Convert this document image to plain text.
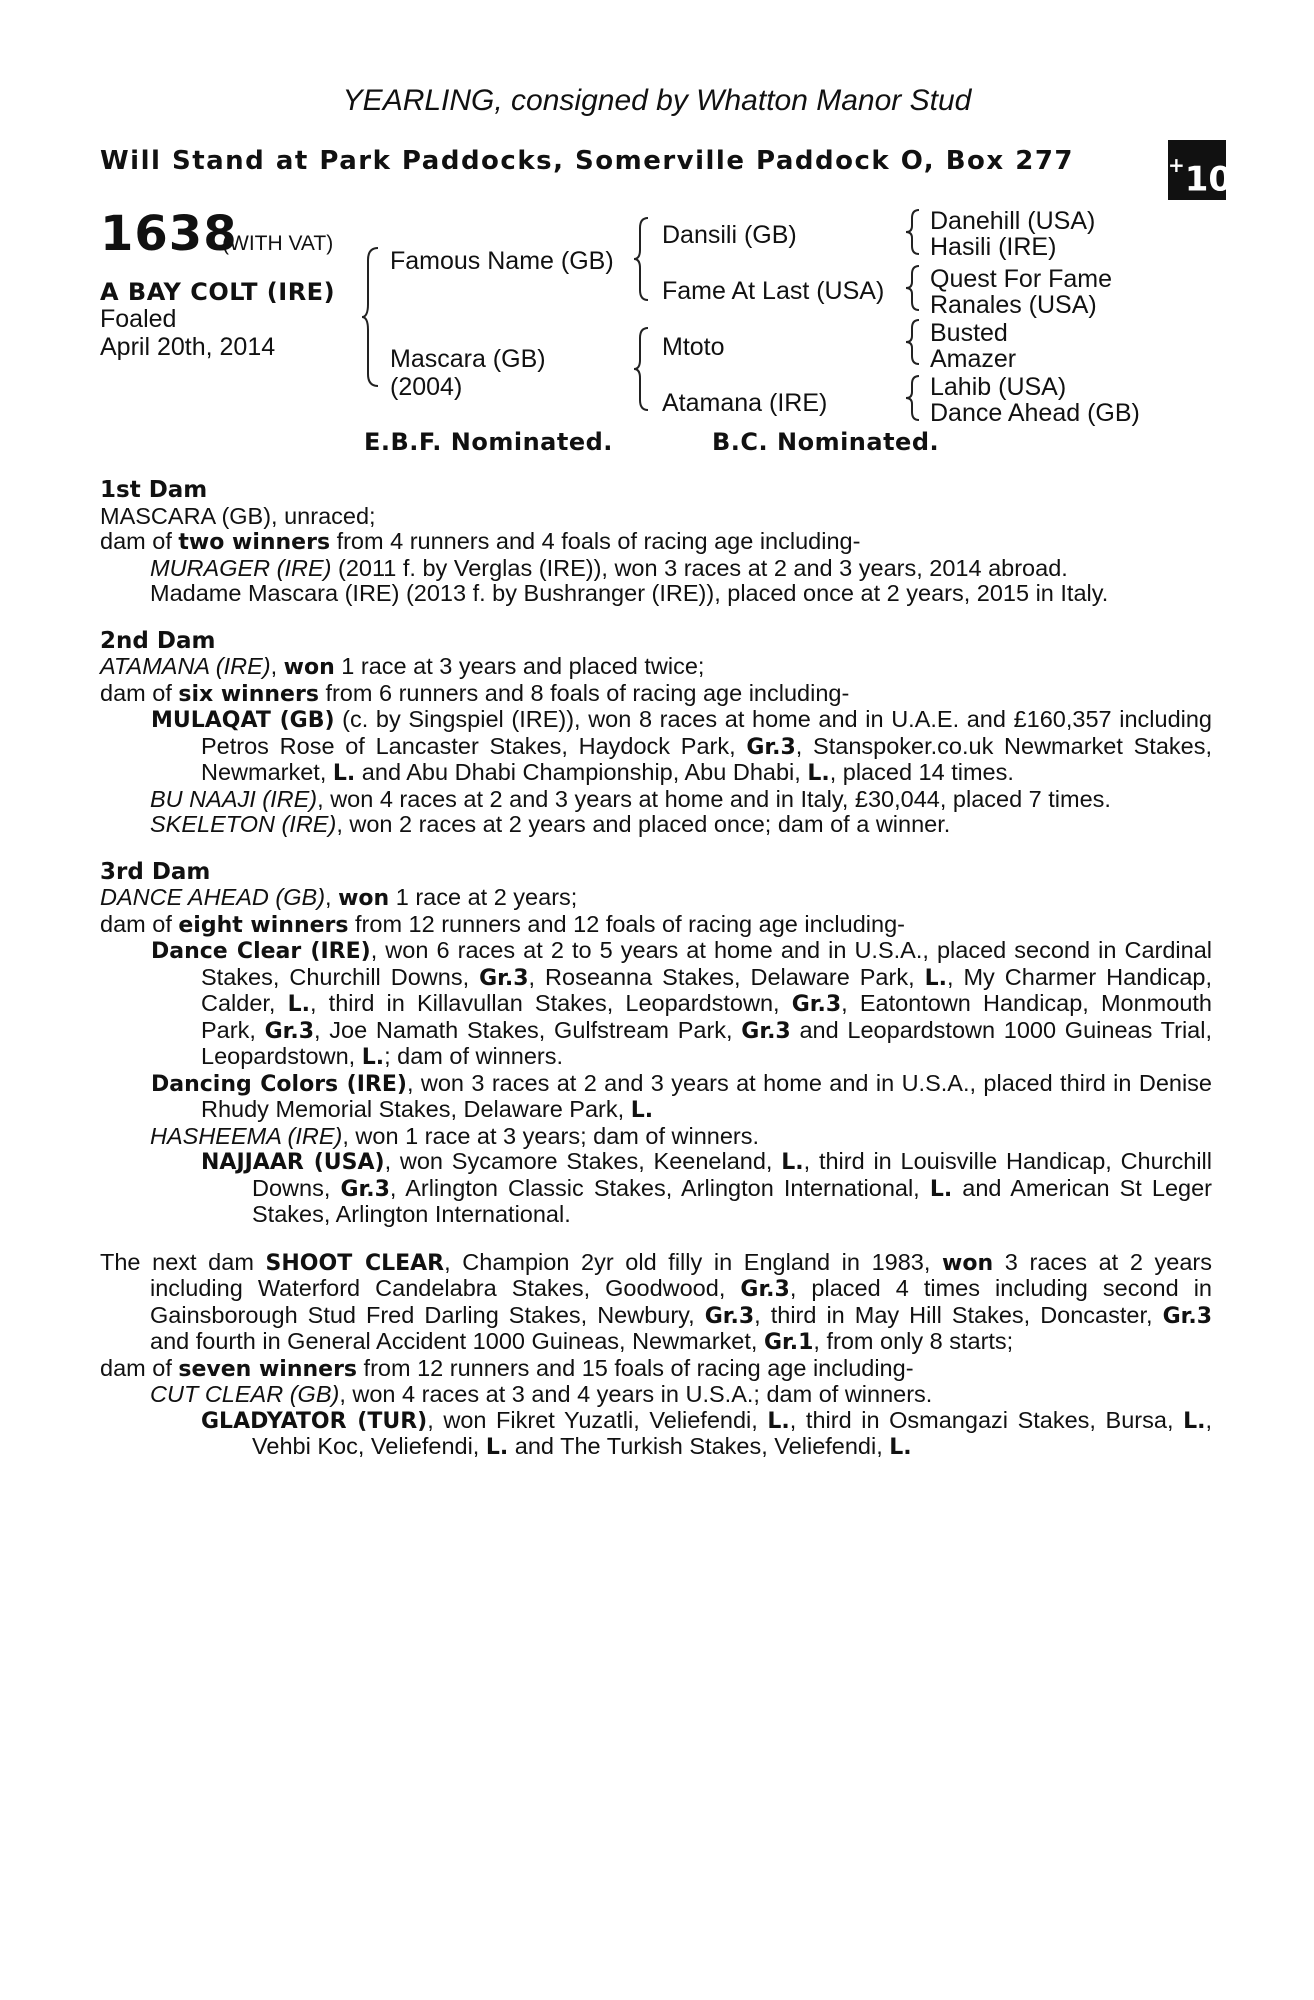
YEARLING, consigned by Whatton Manor Stud
Will Stand at Park Paddocks, Somerville Paddock O, Box 277	+10
1638
(WITH VAT)
A BAY COLT (IRE)
Foaled
April 20th, 2014
Famous Name (GB)
Mascara (GB)
(2004)
Dansili (GB)
Fame At Last (USA)
Mtoto
Atamana (IRE)
Danehill (USA)
Hasili (IRE)
Quest For Fame
Ranales (USA)
Busted
Amazer
Lahib (USA)
Dance Ahead (GB)
E.B.F. Nominated.	B.C. Nominated.

1st Dam

MASCARA (GB), unraced;

dam of two winners from 4 runners and 4 foals of racing age including-

MURAGER (IRE) (2011 f. by Verglas (IRE)), won 3 races at 2 and 3 years, 2014 abroad.

Madame Mascara (IRE) (2013 f. by Bushranger (IRE)), placed once at 2 years, 2015 in Italy.

2nd Dam

ATAMANA (IRE), won 1 race at 3 years and placed twice;

dam of six winners from 6 runners and 8 foals of racing age including-

MULAQAT (GB) (c. by Singspiel (IRE)), won 8 races at home and in U.A.E. and £160,357 including Petros Rose of Lancaster Stakes, Haydock Park, Gr.3, Stanspoker.co.uk Newmarket Stakes, Newmarket, L. and Abu Dhabi Championship, Abu Dhabi, L., placed 14 times.

BU NAAJI (IRE), won 4 races at 2 and 3 years at home and in Italy, £30,044, placed 7 times.

SKELETON (IRE), won 2 races at 2 years and placed once; dam of a winner.

3rd Dam

DANCE AHEAD (GB), won 1 race at 2 years;

dam of eight winners from 12 runners and 12 foals of racing age including-

Dance Clear (IRE), won 6 races at 2 to 5 years at home and in U.S.A., placed second in Cardinal Stakes, Churchill Downs, Gr.3, Roseanna Stakes, Delaware Park, L., My Charmer Handicap, Calder, L., third in Killavullan Stakes, Leopardstown, Gr.3, Eatontown Handicap, Monmouth Park, Gr.3, Joe Namath Stakes, Gulfstream Park, Gr.3 and Leopardstown 1000 Guineas Trial, Leopardstown, L.; dam of winners.

Dancing Colors (IRE), won 3 races at 2 and 3 years at home and in U.S.A., placed third in Denise Rhudy Memorial Stakes, Delaware Park, L.

HASHEEMA (IRE), won 1 race at 3 years; dam of winners.

NAJJAAR (USA), won Sycamore Stakes, Keeneland, L., third in Louisville Handicap, Churchill Downs, Gr.3, Arlington Classic Stakes, Arlington International, L. and American St Leger Stakes, Arlington International.

The next dam SHOOT CLEAR, Champion 2yr old filly in England in 1983, won 3 races at 2 years including Waterford Candelabra Stakes, Goodwood, Gr.3, placed 4 times including second in Gainsborough Stud Fred Darling Stakes, Newbury, Gr.3, third in May Hill Stakes, Doncaster, Gr.3 and fourth in General Accident 1000 Guineas, Newmarket, Gr.1, from only 8 starts;

dam of seven winners from 12 runners and 15 foals of racing age including-

CUT CLEAR (GB), won 4 races at 3 and 4 years in U.S.A.; dam of winners.

GLADYATOR (TUR), won Fikret Yuzatli, Veliefendi, L., third in Osmangazi Stakes, Bursa, L., Vehbi Koc, Veliefendi, L. and The Turkish Stakes, Veliefendi, L.
